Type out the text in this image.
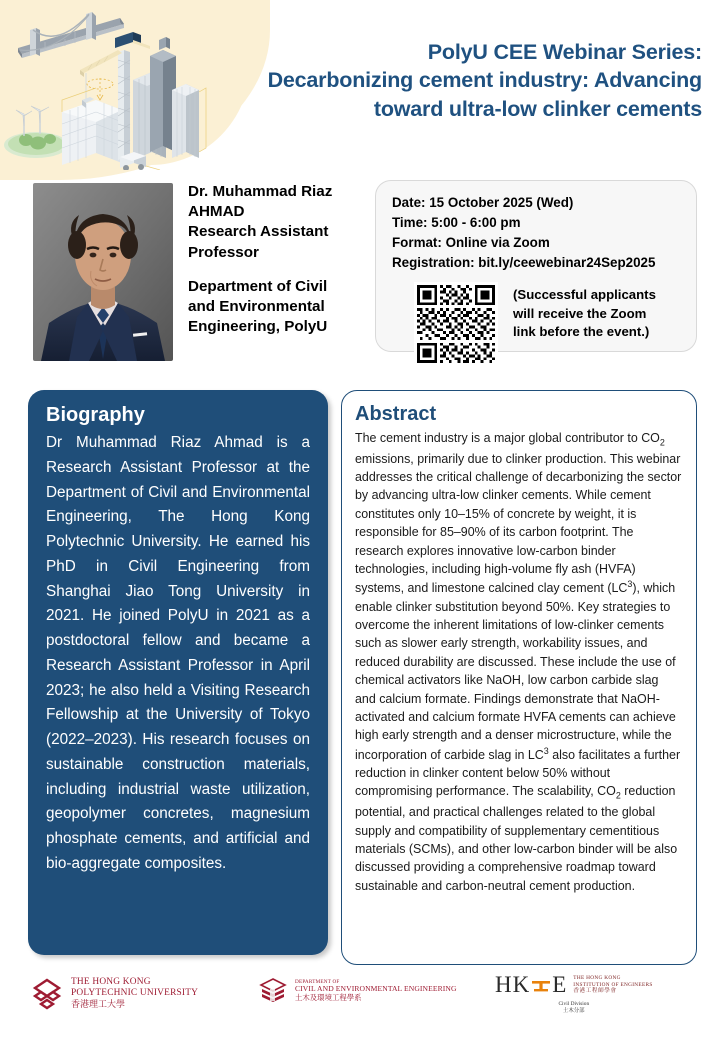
PolyU CEE Webinar Series:
Decarbonizing cement industry: Advancing
toward ultra-low clinker cements
Dr. Muhammad Riaz
AHMAD
Research Assistant
Professor
Department of Civil
and Environmental
Engineering, PolyU
Date: 15 October 2025 (Wed)
Time: 5:00 - 6:00 pm
Format: Online via Zoom
Registration: bit.ly/ceewebinar24Sep2025
(Successful applicants
will receive the Zoom
link before the event.)
Biography
Dr Muhammad Riaz Ahmad is a Research Assistant Professor at the Department of Civil and Environmental Engineering, The Hong Kong Polytechnic University. He earned his PhD in Civil Engineering from Shanghai Jiao Tong University in 2021. He joined PolyU in 2021 as a postdoctoral fellow and became a Research Assistant Professor in April 2023; he also held a Visiting Research Fellowship at the University of Tokyo (2022–2023). His research focuses on sustainable construction materials, including industrial waste utilization, geopolymer concretes, magnesium phosphate cements, and artificial and bio-aggregate composites.
Abstract
The cement industry is a major global contributor to $CO_2$ emissions, primarily due to clinker production. This webinar addresses the critical challenge of decarbonizing the sector by advancing ultra-low clinker cements. While cement constitutes only 10–15% of concrete by weight, it is responsible for 85–90% of its carbon footprint. The research explores innovative low-carbon binder technologies, including high-volume fly ash (HVFA) systems, and limestone calcined clay cement $(LC^3)$, which enable clinker substitution beyond 50%. Key strategies to overcome the inherent limitations of low-clinker cements such as slower early strength, workability issues, and reduced durability are discussed. These include the use of chemical activators like NaOH, low carbon carbide slag and calcium formate. Findings demonstrate that NaOH-activated and calcium formate HVFA cements can achieve high early strength and a denser microstructure, while the incorporation of carbide slag in $LC^3$ also facilitates a further reduction in clinker content below 50% without compromising performance. The scalability, $CO_2$ reduction potential, and practical challenges related to the global supply and compatibility of supplementary cementitious materials (SCMs), and other low-carbon binder will be also discussed providing a comprehensive roadmap toward sustainable and carbon-neutral cement production.
THE HONG KONG
POLYTECHNIC UNIVERSITY
香港理工大學
DEPARTMENT OF
CIVIL AND ENVIRONMENTAL ENGINEERING
土木及環境工程學系
HK E THE HONG KONG
INSTITUTION OF ENGINEERS
香港工程師學會
Civil Division
土木分部
